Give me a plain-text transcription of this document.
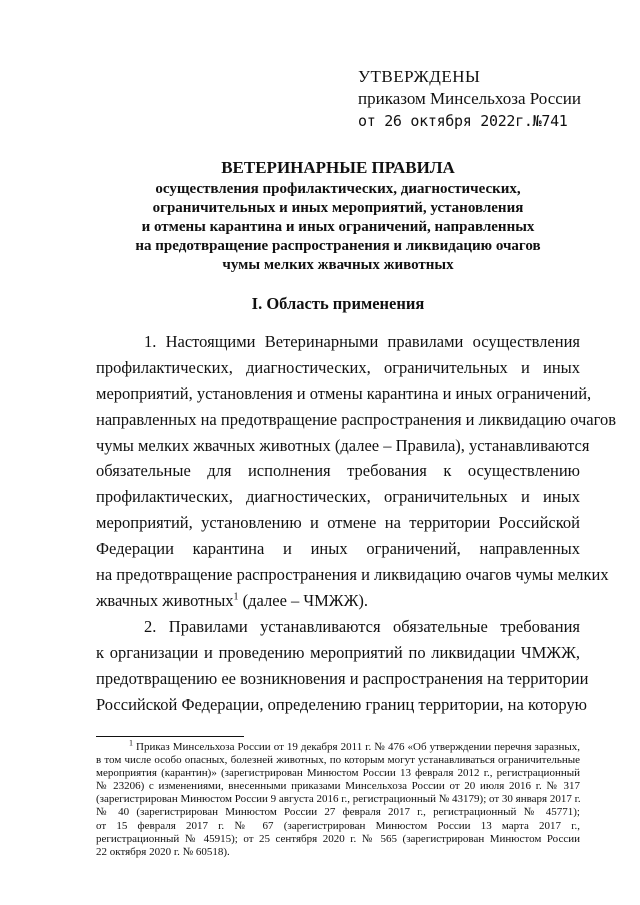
УТВЕРЖДЕНЫ
приказом Минсельхоза России
от 26 октября 2022г.№741
ВЕТЕРИНАРНЫЕ ПРАВИЛА
осуществления профилактических, диагностических,
ограничительных и иных мероприятий, установления
и отмены карантина и иных ограничений, направленных
на предотвращение распространения и ликвидацию очагов
чумы мелких жвачных животных
I. Область применения
1. Настоящими Ветеринарными правилами осуществления
профилактических, диагностических, ограничительных и иных
мероприятий, установления и отмены карантина и иных ограничений,
направленных на предотвращение распространения и ликвидацию очагов
чумы мелких жвачных животных (далее – Правила), устанавливаются
обязательные для исполнения требования к осуществлению
профилактических, диагностических, ограничительных и иных
мероприятий, установлению и отмене на территории Российской
Федерации карантина и иных ограничений, направленных
на предотвращение распространения и ликвидацию очагов чумы мелких
жвачных животных$^1$ (далее – ЧМЖЖ).
2. Правилами устанавливаются обязательные требования
к организации и проведению мероприятий по ликвидации ЧМЖЖ,
предотвращению ее возникновения и распространения на территории
Российской Федерации, определению границ территории, на которую
$^1$ Приказ Минсельхоза России от 19 декабря 2011 г. № 476 «Об утверждении перечня заразных,
в том числе особо опасных, болезней животных, по которым могут устанавливаться ограничительные
мероприятия (карантин)» (зарегистрирован Минюстом России 13 февраля 2012 г., регистрационный
№ 23206) с изменениями, внесенными приказами Минсельхоза России от 20 июля 2016 г. № 317
(зарегистрирован Минюстом России 9 августа 2016 г., регистрационный № 43179); от 30 января 2017 г.
№ 40 (зарегистрирован Минюстом России 27 февраля 2017 г., регистрационный № 45771);
от 15 февраля 2017 г. № 67 (зарегистрирован Минюстом России 13 марта 2017 г.,
регистрационный № 45915); от 25 сентября 2020 г. № 565 (зарегистрирован Минюстом России
22 октября 2020 г. № 60518).
